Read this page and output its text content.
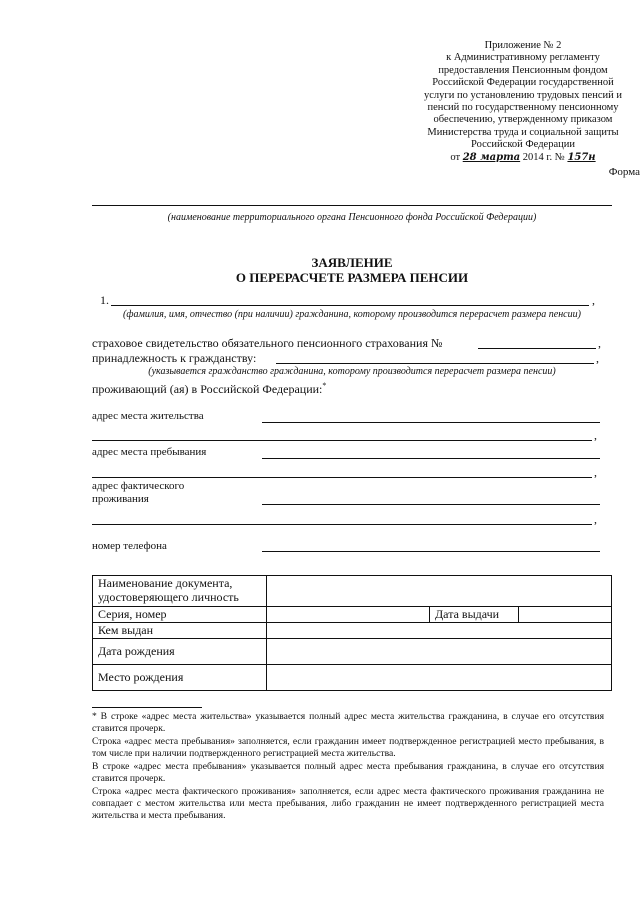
Приложение № 2
к Административному регламенту
предоставления Пенсионным фондом
Российской Федерации государственной
услуги по установлению трудовых пенсий и
пенсий по государственному пенсионному
обеспечению, утвержденному приказом
Министерства труда и социальной защиты
Российской Федерации
от 28 марта 2014 г. № 157н
Форма
(наименование территориального органа Пенсионного фонда Российской Федерации)
ЗАЯВЛЕНИЕ
О ПЕРЕРАСЧЕТЕ РАЗМЕРА ПЕНСИИ
1.	,
(фамилия, имя, отчество (при наличии) гражданина, которому производится перерасчет размера пенсии)
страховое свидетельство обязательного пенсионного страхования №	,
принадлежность к гражданству:	,
(указывается гражданство гражданина, которому производится перерасчет размера пенсии)
проживающий (ая) в Российской Федерации:*
адрес места жительства
,
адрес места пребывания
,
адрес фактического
проживания
,
номер телефона
Наименование документа,
удостоверяющего личность			

Серия, номер		Дата выдачи	
Кем выдан			
Дата рождения			
Место рождения			
* В строке «адрес места жительства» указывается полный адрес места жительства гражданина, в случае его отсутствия ставится прочерк.
Строка «адрес места пребывания» заполняется, если гражданин имеет подтвержденное регистрацией место пребывания, в том числе при наличии подтвержденного регистрацией места жительства.
В строке «адрес места пребывания» указывается полный адрес места пребывания гражданина, в случае его отсутствия ставится прочерк.
Строка «адрес места фактического проживания» заполняется, если адрес места фактического проживания гражданина не совпадает с местом жительства или места пребывания, либо гражданин не имеет подтвержденного регистрацией места жительства и места пребывания.
